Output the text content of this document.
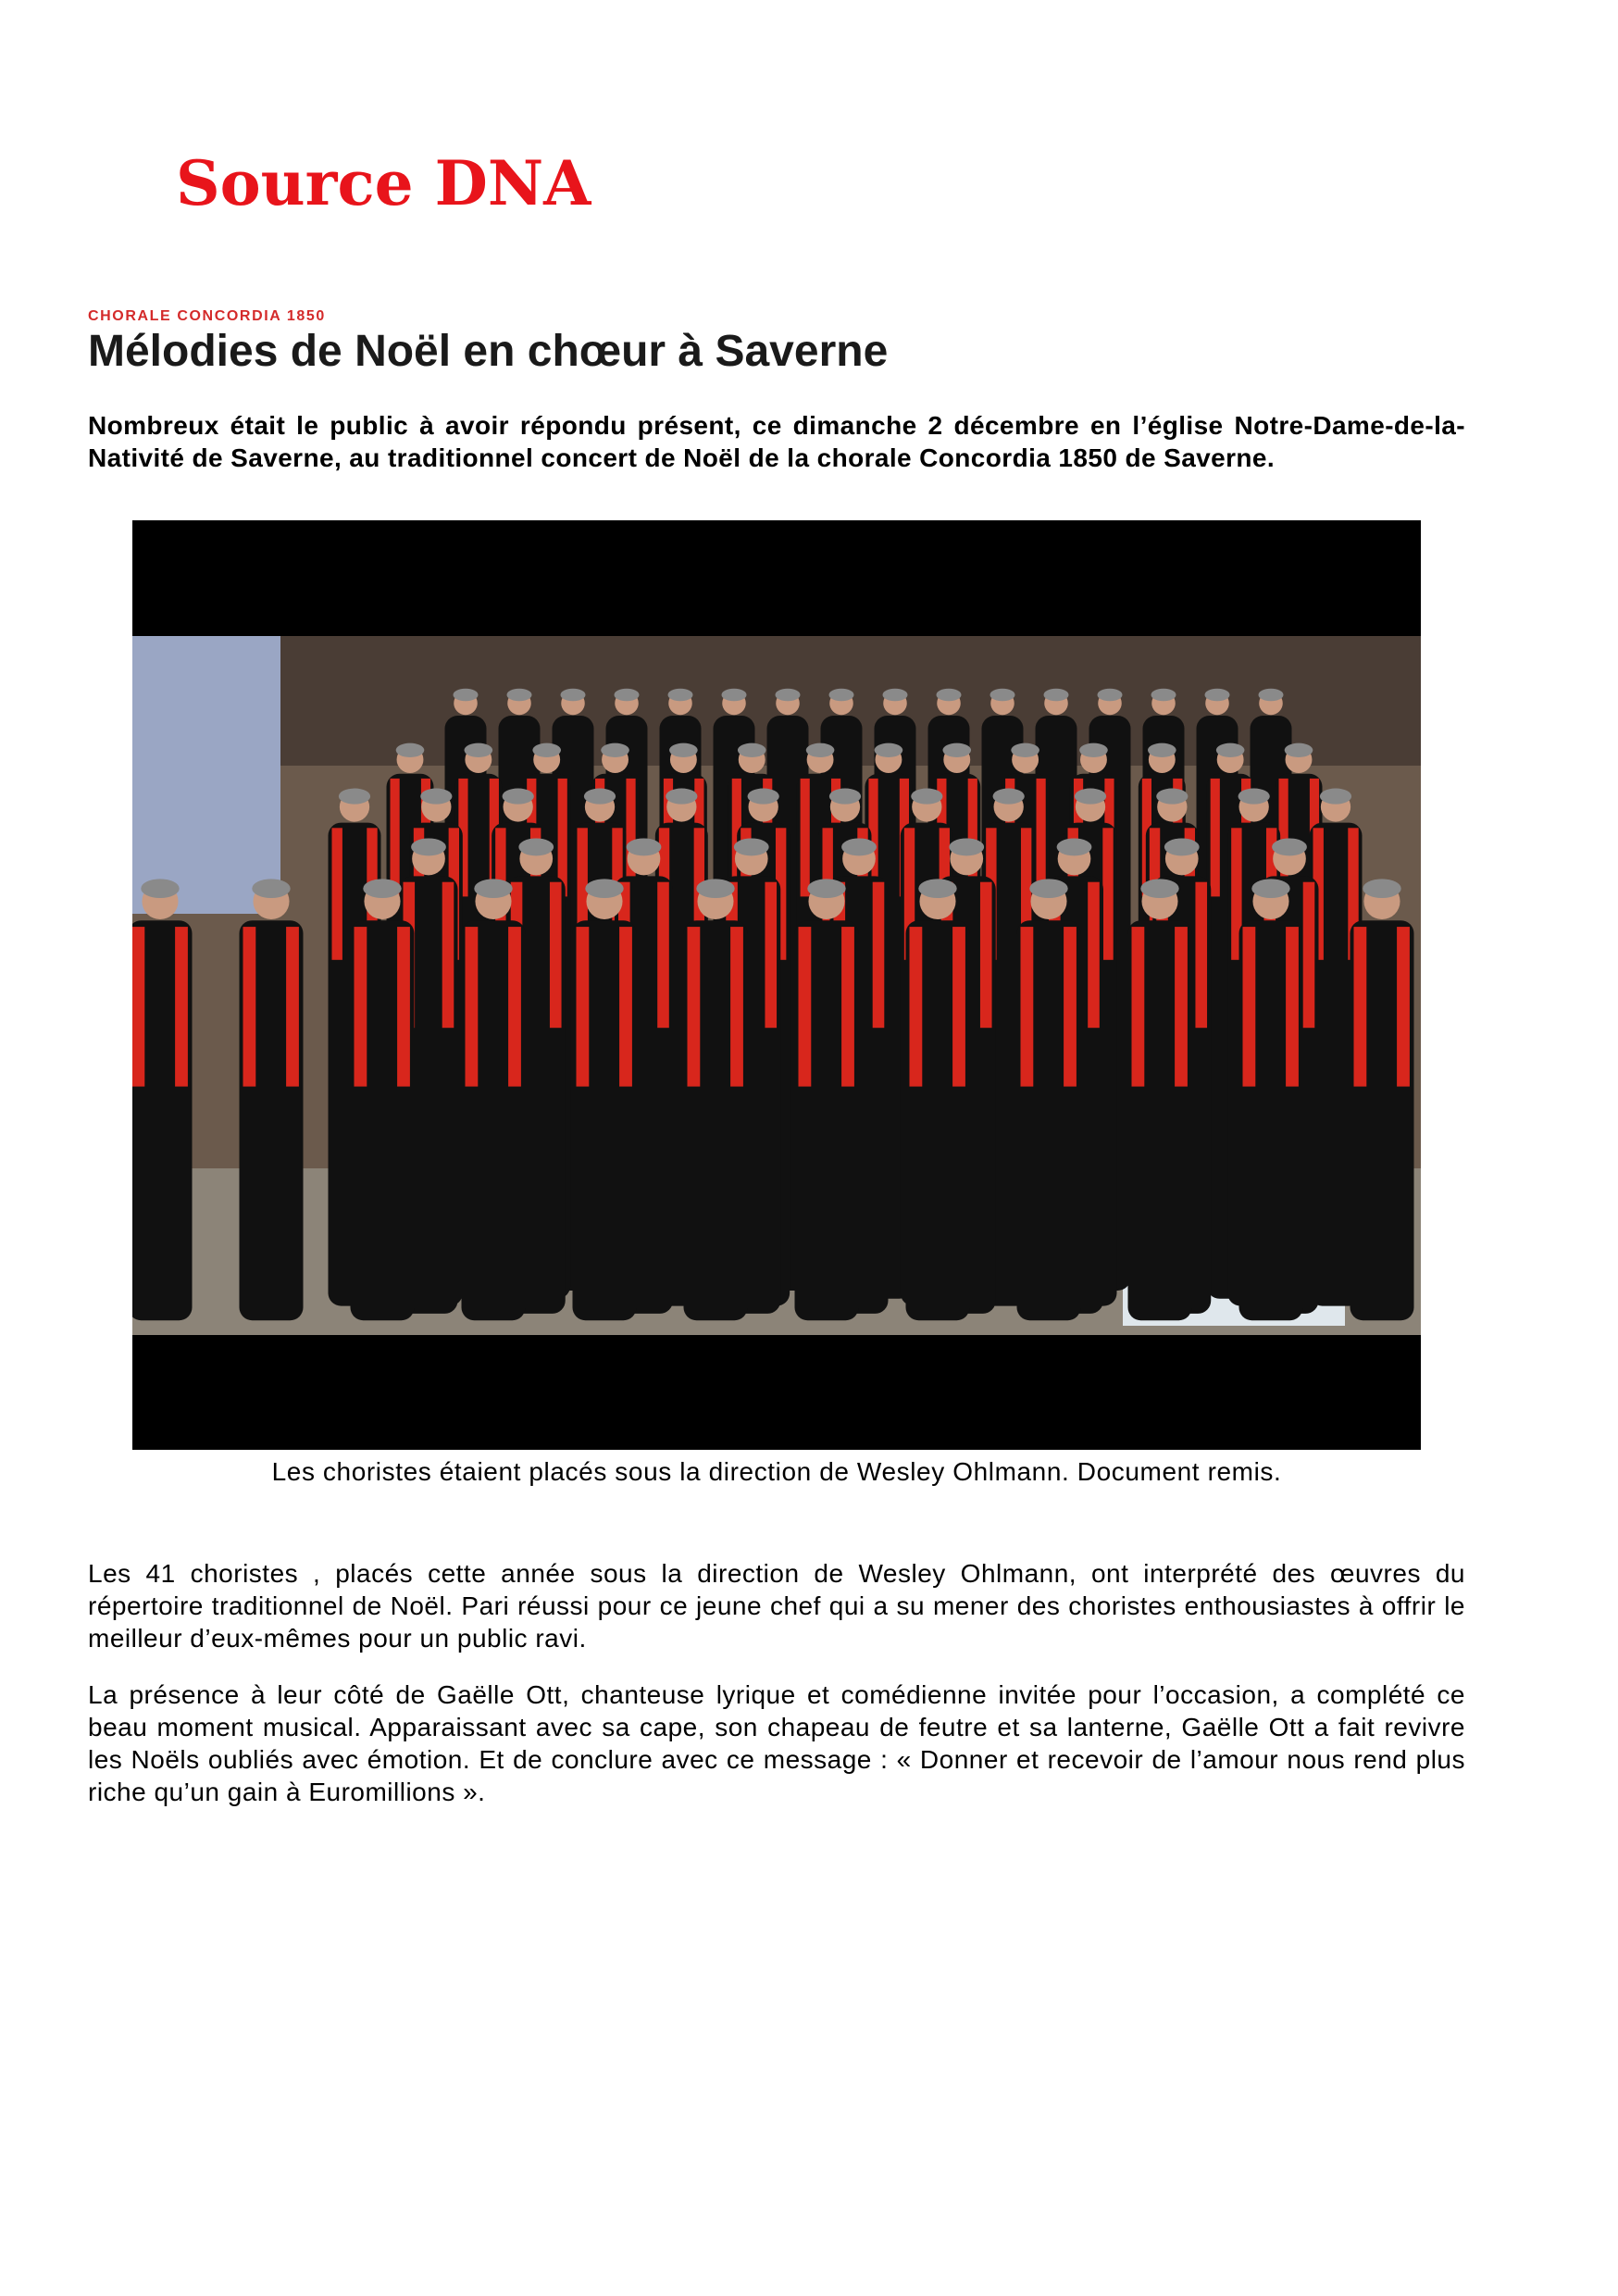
Source DNA
CHORALE CONCORDIA 1850
Mélodies de Noël en chœur à Saverne

Nombreux était le public à avoir répondu présent, ce dimanche 2 décembre en l’église Notre-Dame-de-la-Nativité de Saverne, au traditionnel concert de Noël de la chorale Concordia 1850 de Saverne.

Les choristes étaient placés sous la direction de Wesley Ohlmann. Document remis.

Les 41 choristes , placés cette année sous la direction de Wesley Ohlmann, ont interprété des œuvres du répertoire traditionnel de Noël. Pari réussi pour ce jeune chef qui a su mener des choristes enthousiastes à offrir le meilleur d’eux-mêmes pour un public ravi.

La présence à leur côté de Gaëlle Ott, chanteuse lyrique et comédienne invitée pour l’occasion, a complété ce beau moment musical. Apparaissant avec sa cape, son chapeau de feutre et sa lanterne, Gaëlle Ott a fait revivre les Noëls oubliés avec émotion. Et de conclure avec ce message : « Donner et recevoir de l’amour nous rend plus riche qu’un gain à Euromillions ».
